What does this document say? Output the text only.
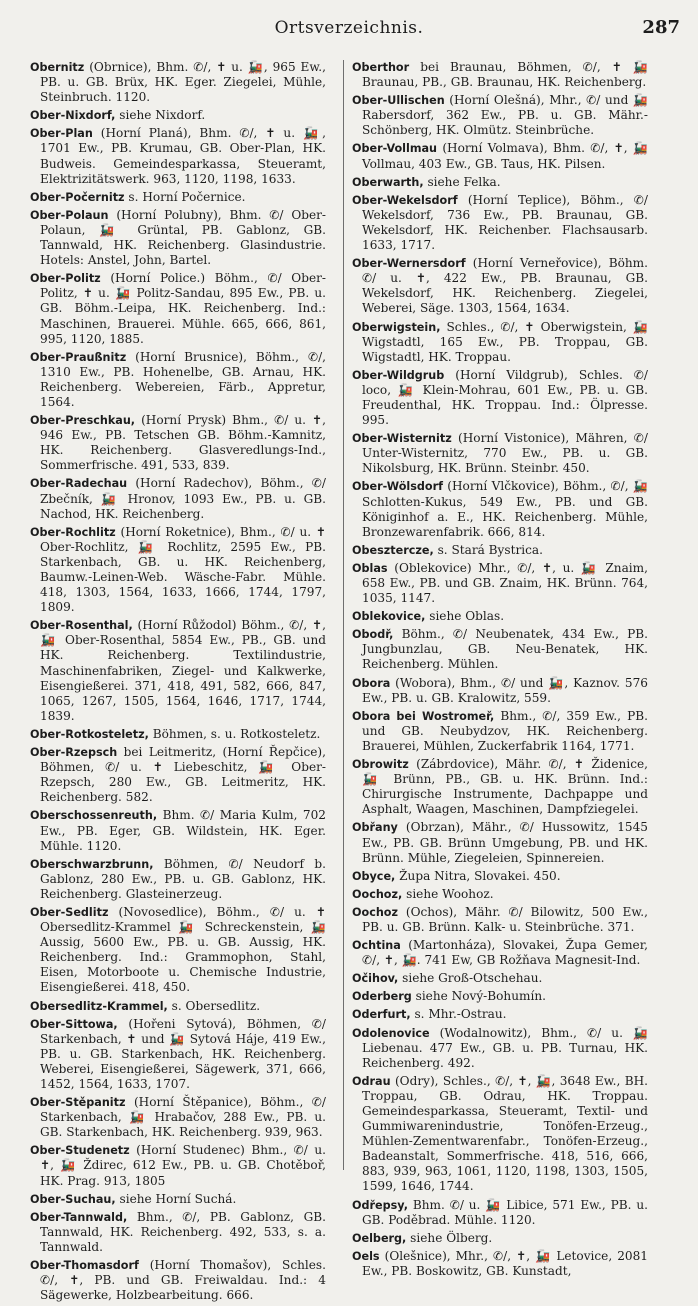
Ortsverzeichnis.	287
Obernitz (Obrnice), Bhm. ✆/, ✝ u. 🚂, 965 Ew., PB. u. GB. Brüx, HK. Eger. Ziegelei, Mühle, Steinbruch. 1120.
Ober-Nixdorf, siehe Nixdorf.
Ober-Plan (Horní Planá), Bhm. ✆/, ✝ u. 🚂, 1701 Ew., PB. Krumau, GB. Ober-Plan, HK. Budweis. Gemeindesparkassa, Steueramt, Elektrizitätswerk. 963, 1120, 1198, 1633.
Ober-Počernitz s. Horní Počernice.
Ober-Polaun (Horní Polubny), Bhm. ✆/ Ober-Polaun, 🚂 Grüntal, PB. Gablonz, GB. Tannwald, HK. Reichenberg. Glasindustrie. Hotels: Anstel, John, Bartel.
Ober-Politz (Horní Police.) Böhm., ✆/ Ober-Politz, ✝ u. 🚂 Politz-Sandau, 895 Ew., PB. u. GB. Böhm.-Leipa, HK. Reichenberg. Ind.: Maschinen, Brauerei. Mühle. 665, 666, 861, 995, 1120, 1885.
Ober-Praußnitz (Horní Brusnice), Böhm., ✆/, 1310 Ew., PB. Hohenelbe, GB. Arnau, HK. Reichenberg. Webereien, Färb., Appretur, 1564.
Ober-Preschkau, (Horní Prysk) Bhm., ✆/ u. ✝, 946 Ew., PB. Tetschen GB. Böhm.-Kamnitz, HK. Reichenberg. Glasveredlungs-Ind., Sommerfrische. 491, 533, 839.
Ober-Radechau (Horní Radechov), Böhm., ✆/ Zbečník, 🚂 Hronov, 1093 Ew., PB. u. GB. Nachod, HK. Reichenberg.
Ober-Rochlitz (Horní Roketnice), Bhm., ✆/ u. ✝ Ober-Rochlitz, 🚂 Rochlitz, 2595 Ew., PB. Starkenbach, GB. u. HK. Reichenberg, Baumw.-Leinen-Web. Wäsche-Fabr. Mühle. 418, 1303, 1564, 1633, 1666, 1744, 1797, 1809.
Ober-Rosenthal, (Horní Růžodol) Böhm., ✆/, ✝, 🚂 Ober-Rosenthal, 5854 Ew., PB., GB. und HK. Reichenberg. Textilindustrie, Maschinenfabriken, Ziegel- und Kalkwerke, Eisengießerei. 371, 418, 491, 582, 666, 847, 1065, 1267, 1505, 1564, 1646, 1717, 1744, 1839.
Ober-Rotkosteletz, Böhmen, s. u. Rotkosteletz.
Ober-Rzepsch bei Leitmeritz, (Horní Řepčice), Böhmen, ✆/ u. ✝ Liebeschitz, 🚂 Ober-Rzepsch, 280 Ew., GB. Leitmeritz, HK. Reichenberg. 582.
Oberschossenreuth, Bhm. ✆/ Maria Kulm, 702 Ew., PB. Eger, GB. Wildstein, HK. Eger. Mühle. 1120.
Oberschwarzbrunn, Böhmen, ✆/ Neudorf b. Gablonz, 280 Ew., PB. u. GB. Gablonz, HK. Reichenberg. Glasteinerzeug.
Ober-Sedlitz (Novosedlice), Böhm., ✆/ u. ✝ Obersedlitz-Krammel 🚂 Schreckenstein, 🚂 Aussig, 5600 Ew., PB. u. GB. Aussig, HK. Reichenberg. Ind.: Grammophon, Stahl, Eisen, Motorboote u. Chemische Industrie, Eisengießerei. 418, 450.
Obersedlitz-Krammel, s. Obersedlitz.
Ober-Sittowa, (Hořeni Sytová), Böhmen, ✆/ Starkenbach, ✝ und 🚂 Sytová Háje, 419 Ew., PB. u. GB. Starkenbach, HK. Reichenberg. Weberei, Eisengießerei, Sägewerk, 371, 666, 1452, 1564, 1633, 1707.
Ober-Stěpanitz (Horní Štěpanice), Böhm., ✆/ Starkenbach, 🚂 Hrabačov, 288 Ew., PB. u. GB. Starkenbach, HK. Reichenberg. 939, 963.
Ober-Studenetz (Horní Studenec) Bhm., ✆/ u. ✝, 🚂 Ždirec, 612 Ew., PB. u. GB. Chotěboř, HK. Prag. 913, 1805
Ober-Suchau, siehe Horní Suchá.
Ober-Tannwald, Bhm., ✆/, PB. Gablonz, GB. Tannwald, HK. Reichenberg. 492, 533, s. a. Tannwald.
Ober-Thomasdorf (Horní Thomašov), Schles. ✆/, ✝, PB. und GB. Freiwaldau. Ind.: 4 Sägewerke, Holzbearbeitung. 666.
Oberthor bei Braunau, Böhmen, ✆/, ✝ 🚂 Braunau, PB., GB. Braunau, HK. Reichenberg.
Ober-Ullischen (Horní Olešná), Mhr., ✆/ und 🚂 Rabersdorf, 362 Ew., PB. u. GB. Mähr.-Schönberg, HK. Olmütz. Steinbrüche.
Ober-Vollmau (Horní Volmava), Bhm. ✆/, ✝, 🚂 Vollmau, 403 Ew., GB. Taus, HK. Pilsen.
Oberwarth, siehe Felka.
Ober-Wekelsdorf (Horní Teplice), Böhm., ✆/ Wekelsdorf, 736 Ew., PB. Braunau, GB. Wekelsdorf, HK. Reichenber. Flachsausarb. 1633, 1717.
Ober-Wernersdorf (Horní Verneřovice), Böhm. ✆/ u. ✝, 422 Ew., PB. Braunau, GB. Wekelsdorf, HK. Reichenberg. Ziegelei, Weberei, Säge. 1303, 1564, 1634.
Oberwigstein, Schles., ✆/, ✝ Oberwigstein, 🚂 Wigstadtl, 165 Ew., PB. Troppau, GB. Wigstadtl, HK. Troppau.
Ober-Wildgrub (Horní Vildgrub), Schles. ✆/ loco, 🚂 Klein-Mohrau, 601 Ew., PB. u. GB. Freudenthal, HK. Troppau. Ind.: Ölpresse. 995.
Ober-Wisternitz (Horní Vistonice), Mähren, ✆/ Unter-Wisternitz, 770 Ew., PB. u. GB. Nikolsburg, HK. Brünn. Steinbr. 450.
Ober-Wölsdorf (Horní Vlčkovice), Böhm., ✆/, 🚂 Schlotten-Kukus, 549 Ew., PB. und GB. Königinhof a. E., HK. Reichenberg. Mühle, Bronzewarenfabrik. 666, 814.
Obesztercze, s. Stará Bystrica.
Oblas (Oblekovice) Mhr., ✆/, ✝, u. 🚂 Znaim, 658 Ew., PB. und GB. Znaim, HK. Brünn. 764, 1035, 1147.
Oblekovice, siehe Oblas.
Obodř, Böhm., ✆/ Neubenatek, 434 Ew., PB. Jungbunzlau, GB. Neu-Benatek, HK. Reichenberg. Mühlen.
Obora (Wobora), Bhm., ✆/ und 🚂, Kaznov. 576 Ew., PB. u. GB. Kralowitz, 559.
Obora bei Wostromeř, Bhm., ✆/, 359 Ew., PB. und GB. Neubydzov, HK. Reichenberg. Brauerei, Mühlen, Zuckerfabrik 1164, 1771.
Obrowitz (Zábrdovice), Mähr. ✆/, ✝ Židenice, 🚂 Brünn, PB., GB. u. HK. Brünn. Ind.: Chirurgische Instrumente, Dachpappe und Asphalt, Waagen, Maschinen, Dampfziegelei.
Obřany (Obrzan), Mähr., ✆/ Hussowitz, 1545 Ew., PB. GB. Brünn Umgebung, PB. und HK. Brünn. Mühle, Ziegeleien, Spinnereien.
Obyce, Župa Nitra, Slovakei. 450.
Oochoz, siehe Woohoz.
Oochoz (Ochos), Mähr. ✆/ Bilowitz, 500 Ew., PB. u. GB. Brünn. Kalk- u. Steinbrüche. 371.
Ochtina (Martonháza), Slovakei, Župa Gemer, ✆/, ✝, 🚂. 741 Ew, GB Rožňava Magnesit-Ind.
Očihov, siehe Groß-Otschehau.
Oderberg siehe Nový-Bohumín.
Oderfurt, s. Mhr.-Ostrau.
Odolenovice (Wodalnowitz), Bhm., ✆/ u. 🚂 Liebenau. 477 Ew., GB. u. PB. Turnau, HK. Reichenberg. 492.
Odrau (Odry), Schles., ✆/, ✝, 🚂, 3648 Ew., BH. Troppau, GB. Odrau, HK. Troppau. Gemeindesparkassa, Steueramt, Textil- und Gummiwarenindustrie, Tonöfen-Erzeug., Mühlen-Zementwarenfabr., Tonöfen-Erzeug., Badeanstalt, Sommerfrische. 418, 516, 666, 883, 939, 963, 1061, 1120, 1198, 1303, 1505, 1599, 1646, 1744.
Odřepsy, Bhm. ✆/ u. 🚂 Libice, 571 Ew., PB. u. GB. Poděbrad. Mühle. 1120.
Oelberg, siehe Ölberg.
Oels (Olešnice), Mhr., ✆/, ✝, 🚂 Letovice, 2081 Ew., PB. Boskowitz, GB. Kunstadt,
